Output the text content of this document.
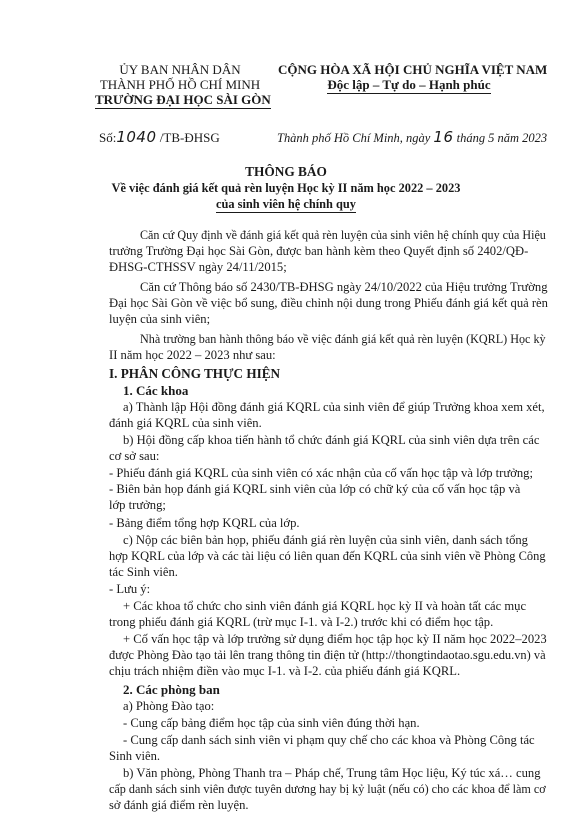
ỦY BAN NHÂN DÂN
THÀNH PHỐ HỒ CHÍ MINH
TRƯỜNG ĐẠI HỌC SÀI GÒN
CỘNG HÒA XÃ HỘI CHỦ NGHĨA VIỆT NAM
Độc lập – Tự do – Hạnh phúc
Số:1040 /TB-ĐHSG	Thành phố Hồ Chí Minh, ngày 16 tháng 5 năm 2023
THÔNG BÁO
Về việc đánh giá kết quả rèn luyện Học kỳ II năm học 2022 – 2023
của sinh viên hệ chính quy
Căn cứ Quy định về đánh giá kết quả rèn luyện của sinh viên hệ chính quy của Hiệu
trưởng Trường Đại học Sài Gòn, được ban hành kèm theo Quyết định số 2402/QĐ-
ĐHSG-CTHSSV ngày 24/11/2015;
Căn cứ Thông báo số 2430/TB-ĐHSG ngày 24/10/2022 của Hiệu trưởng Trường
Đại học Sài Gòn về việc bổ sung, điều chỉnh nội dung trong Phiếu đánh giá kết quả rèn
luyện của sinh viên;
Nhà trường ban hành thông báo về việc đánh giá kết quả rèn luyện (KQRL) Học kỳ
II năm học 2022 – 2023 như sau:
I. PHÂN CÔNG THỰC HIỆN
1. Các khoa
a) Thành lập Hội đồng đánh giá KQRL của sinh viên để giúp Trưởng khoa xem xét,
đánh giá KQRL của sinh viên.
b) Hội đồng cấp khoa tiến hành tổ chức đánh giá KQRL của sinh viên dựa trên các
cơ sở sau:
- Phiếu đánh giá KQRL của sinh viên có xác nhận của cố vấn học tập và lớp trưởng;
- Biên bản họp đánh giá KQRL sinh viên của lớp có chữ ký của cố vấn học tập và
lớp trưởng;
- Bảng điểm tổng hợp KQRL của lớp.
c) Nộp các biên bản họp, phiếu đánh giá rèn luyện của sinh viên, danh sách tổng
hợp KQRL của lớp và các tài liệu có liên quan đến KQRL của sinh viên về Phòng Công
tác Sinh viên.
- Lưu ý:
+ Các khoa tổ chức cho sinh viên đánh giá KQRL học kỳ II và hoàn tất các mục
trong phiếu đánh giá KQRL (trừ mục I-1. và I-2.) trước khi có điểm học tập.
+ Cố vấn học tập và lớp trưởng sử dụng điểm học tập học kỳ II năm học 2022–2023
được Phòng Đào tạo tải lên trang thông tin điện tử (http://thongtindaotao.sgu.edu.vn) và
chịu trách nhiệm điền vào mục I-1. và I-2. của phiếu đánh giá KQRL.
2. Các phòng ban
a) Phòng Đào tạo:
- Cung cấp bảng điểm học tập của sinh viên đúng thời hạn.
- Cung cấp danh sách sinh viên vi phạm quy chế cho các khoa và Phòng Công tác
Sinh viên.
b) Văn phòng, Phòng Thanh tra – Pháp chế, Trung tâm Học liệu, Ký túc xá… cung
cấp danh sách sinh viên được tuyên dương hay bị kỷ luật (nếu có) cho các khoa để làm cơ
sở đánh giá điểm rèn luyện.
